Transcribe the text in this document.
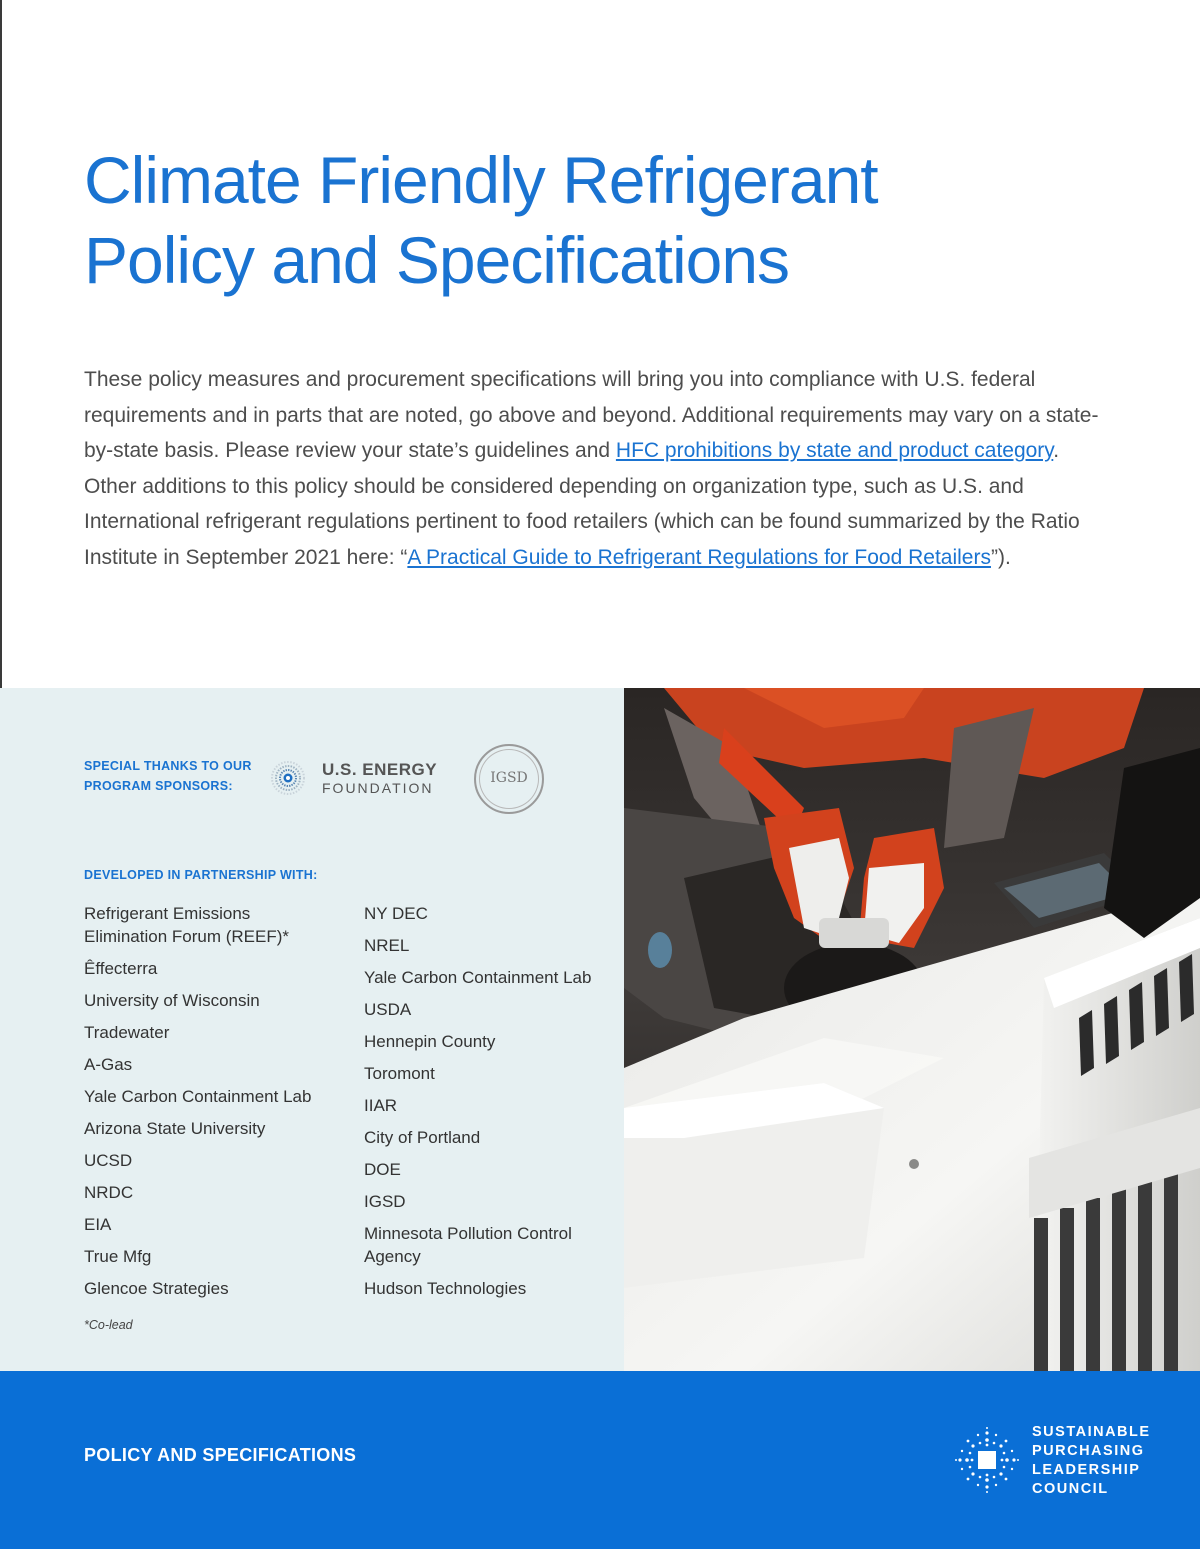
Climate Friendly Refrigerant
Policy and Specifications

These policy measures and procurement specifications will bring you into compliance with U.S. federal requirements and in parts that are noted, go above and beyond. Additional requirements may vary on a state-by-state basis. Please review your state’s guidelines and HFC prohibitions by state and product category. Other additions to this policy should be considered depending on organization type, such as U.S. and International refrigerant regulations pertinent to food retailers (which can be found summarized by the Ratio Institute in September 2021 here: “A Practical Guide to Refrigerant Regulations for Food Retailers”).

SPECIAL THANKS TO OUR PROGRAM SPONSORS:
U.S. ENERGY
FOUNDATION
IGSD
DEVELOPED IN PARTNERSHIP WITH:
Refrigerant Emissions Elimination Forum (REEF)*
Êffecterra
University of Wisconsin
Tradewater
A-Gas
Yale Carbon Containment Lab
Arizona State University
UCSD
NRDC
EIA
True Mfg
Glencoe Strategies
NY DEC
NREL
Yale Carbon Containment Lab
USDA
Hennepin County
Toromont
IIAR
City of Portland
DOE
IGSD
Minnesota Pollution Control Agency
Hudson Technologies
*Co-lead
POLICY AND SPECIFICATIONS
SUSTAINABLE
PURCHASING
LEADERSHIP
COUNCIL
